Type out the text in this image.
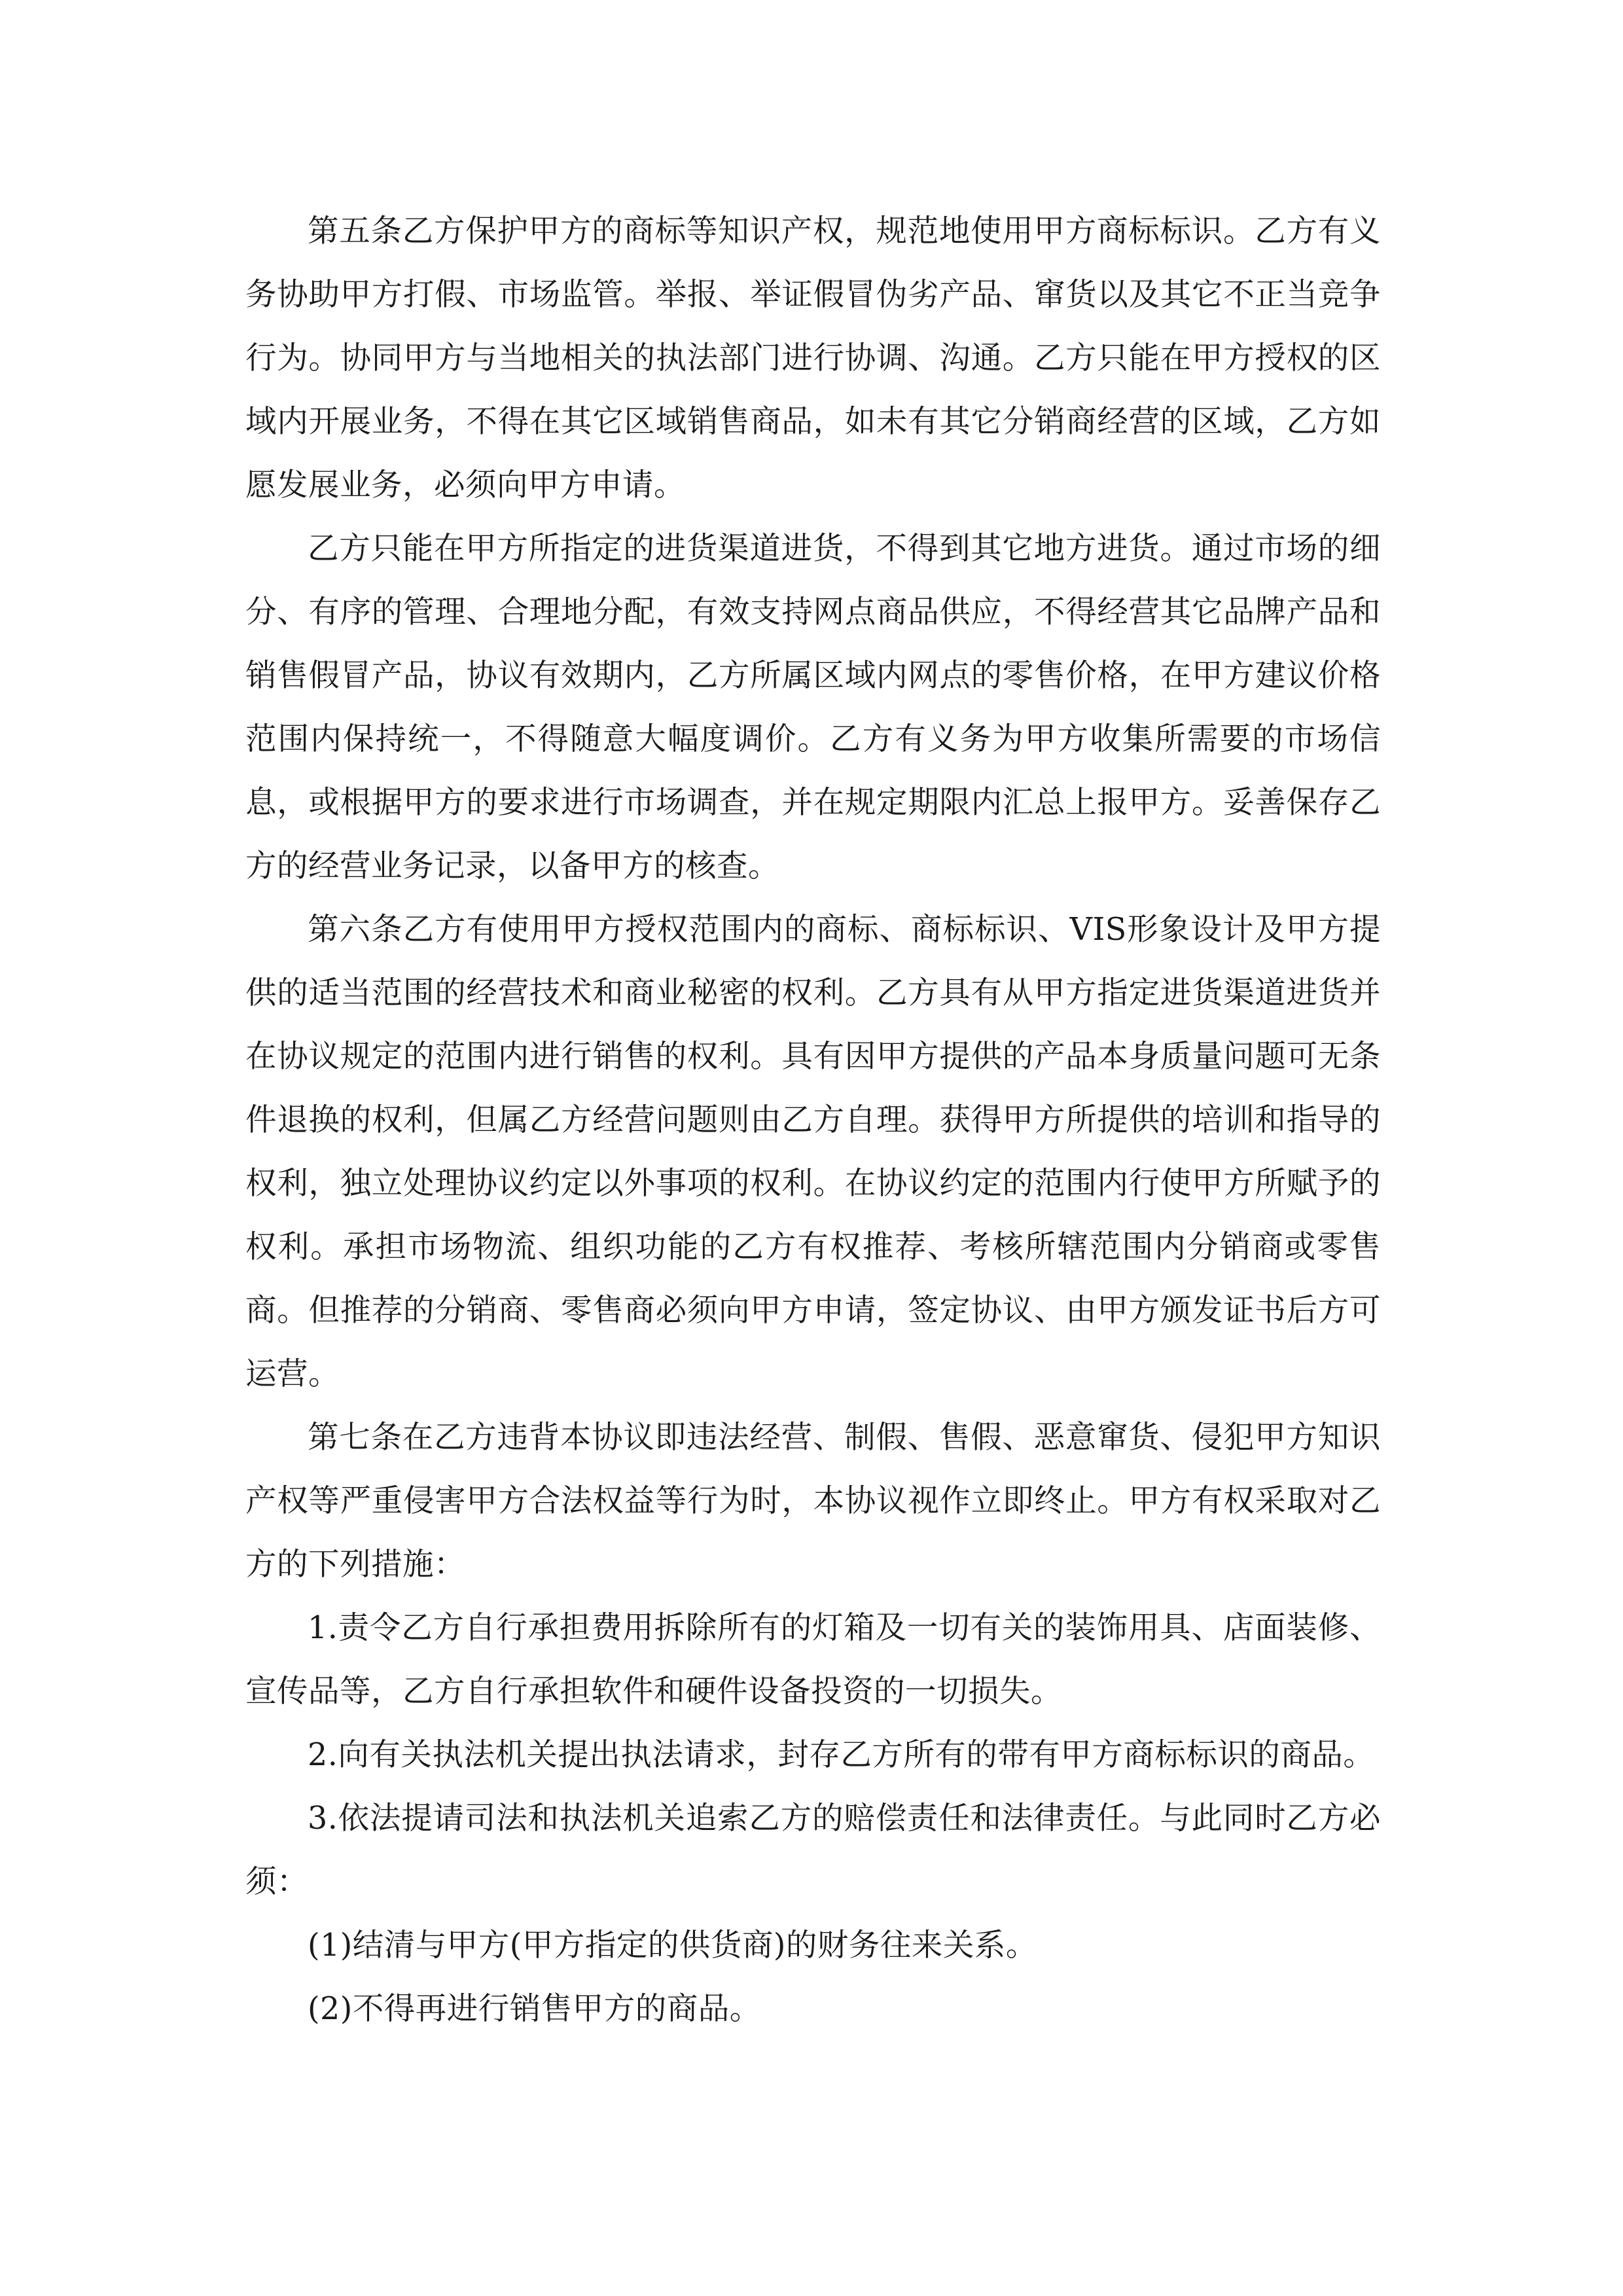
第五条乙方保护甲方的商标等知识产权，规范地使用甲方商标标识。乙方有义务协助甲方打假、市场监管。举报、举证假冒伪劣产品、窜货以及其它不正当竞争行为。协同甲方与当地相关的执法部门进行协调、沟通。乙方只能在甲方授权的区域内开展业务，不得在其它区域销售商品，如未有其它分销商经营的区域，乙方如愿发展业务，必须向甲方申请。

乙方只能在甲方所指定的进货渠道进货，不得到其它地方进货。通过市场的细分、有序的管理、合理地分配，有效支持网点商品供应，不得经营其它品牌产品和销售假冒产品，协议有效期内，乙方所属区域内网点的零售价格，在甲方建议价格范围内保持统一，不得随意大幅度调价。乙方有义务为甲方收集所需要的市场信息，或根据甲方的要求进行市场调查，并在规定期限内汇总上报甲方。妥善保存乙方的经营业务记录，以备甲方的核查。

第六条乙方有使用甲方授权范围内的商标、商标标识、VIS形象设计及甲方提供的适当范围的经营技术和商业秘密的权利。乙方具有从甲方指定进货渠道进货并在协议规定的范围内进行销售的权利。具有因甲方提供的产品本身质量问题可无条件退换的权利，但属乙方经营问题则由乙方自理。获得甲方所提供的培训和指导的权利，独立处理协议约定以外事项的权利。在协议约定的范围内行使甲方所赋予的权利。承担市场物流、组织功能的乙方有权推荐、考核所辖范围内分销商或零售商。但推荐的分销商、零售商必须向甲方申请，签定协议、由甲方颁发证书后方可运营。

第七条在乙方违背本协议即违法经营、制假、售假、恶意窜货、侵犯甲方知识产权等严重侵害甲方合法权益等行为时，本协议视作立即终止。甲方有权采取对乙方的下列措施：

1.责令乙方自行承担费用拆除所有的灯箱及一切有关的装饰用具、店面装修、宣传品等，乙方自行承担软件和硬件设备投资的一切损失。

2.向有关执法机关提出执法请求，封存乙方所有的带有甲方商标标识的商品。

3.依法提请司法和执法机关追索乙方的赔偿责任和法律责任。与此同时乙方必须：

(1)结清与甲方(甲方指定的供货商)的财务往来关系。

(2)不得再进行销售甲方的商品。
